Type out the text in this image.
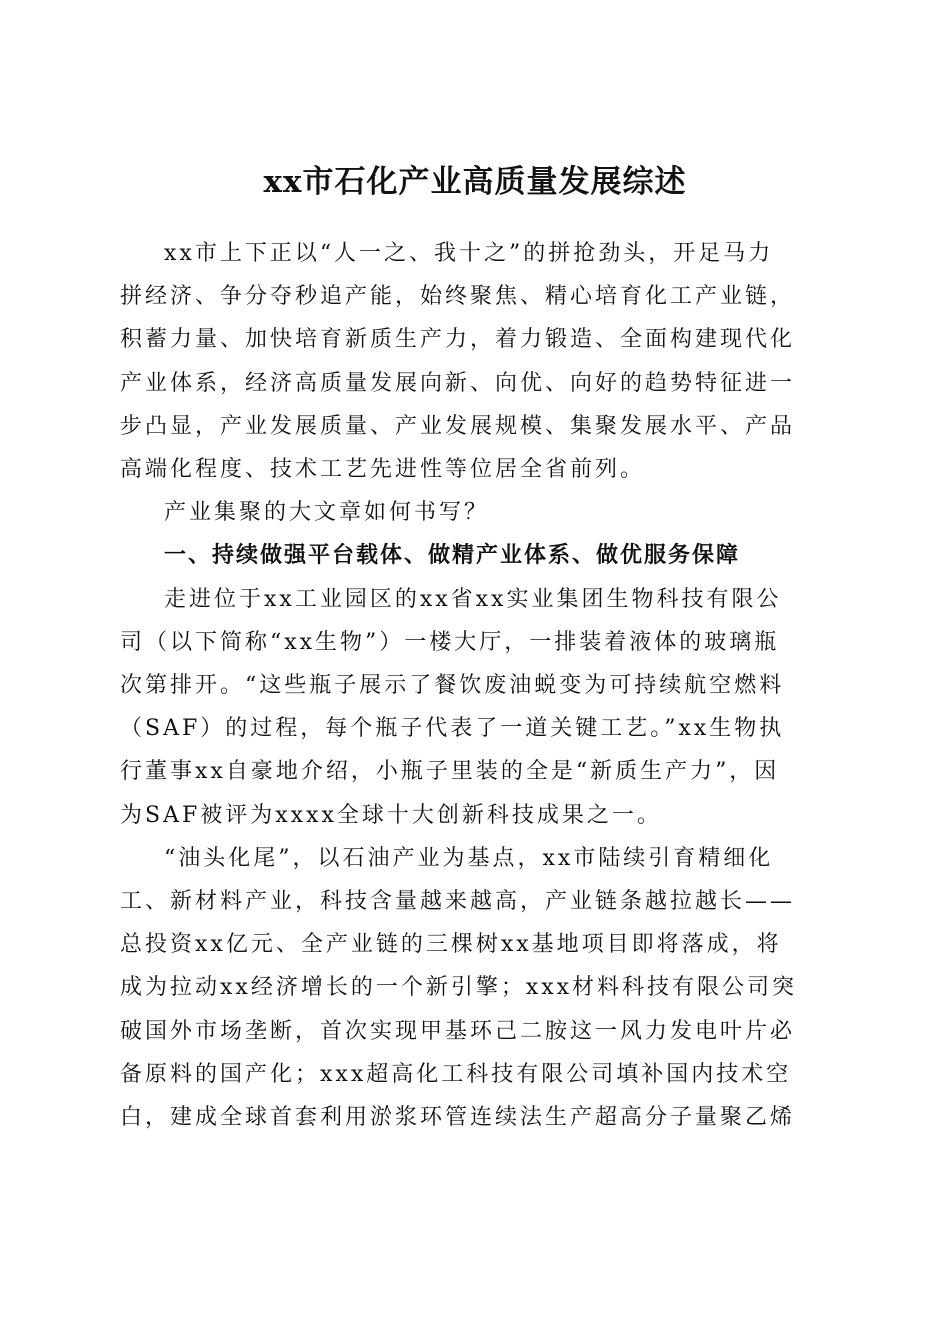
xx市石化产业高质量发展综述

xx市上下正以“人一之、我十之”的拼抢劲头，开足马力
拼经济、争分夺秒追产能，始终聚焦、精心培育化工产业链，
积蓄力量、加快培育新质生产力，着力锻造、全面构建现代化
产业体系，经济高质量发展向新、向优、向好的趋势特征进一
步凸显，产业发展质量、产业发展规模、集聚发展水平、产品
高端化程度、技术工艺先进性等位居全省前列。

产业集聚的大文章如何书写？

一、持续做强平台载体、做精产业体系、做优服务保障

走进位于xx工业园区的xx省xx实业集团生物科技有限公
司（以下简称“xx生物”）一楼大厅，一排装着液体的玻璃瓶
次第排开。“这些瓶子展示了餐饮废油蜕变为可持续航空燃料
（SAF）的过程，每个瓶子代表了一道关键工艺。”xx生物执
行董事xx自豪地介绍，小瓶子里装的全是“新质生产力”，因
为SAF被评为xxxx全球十大创新科技成果之一。

“油头化尾”，以石油产业为基点，xx市陆续引育精细化
工、新材料产业，科技含量越来越高，产业链条越拉越长——
总投资xx亿元、全产业链的三棵树xx基地项目即将落成，将
成为拉动xx经济增长的一个新引擎；xxx材料科技有限公司突
破国外市场垄断，首次实现甲基环己二胺这一风力发电叶片必
备原料的国产化；xxx超高化工科技有限公司填补国内技术空
白，建成全球首套利用淤浆环管连续法生产超高分子量聚乙烯
